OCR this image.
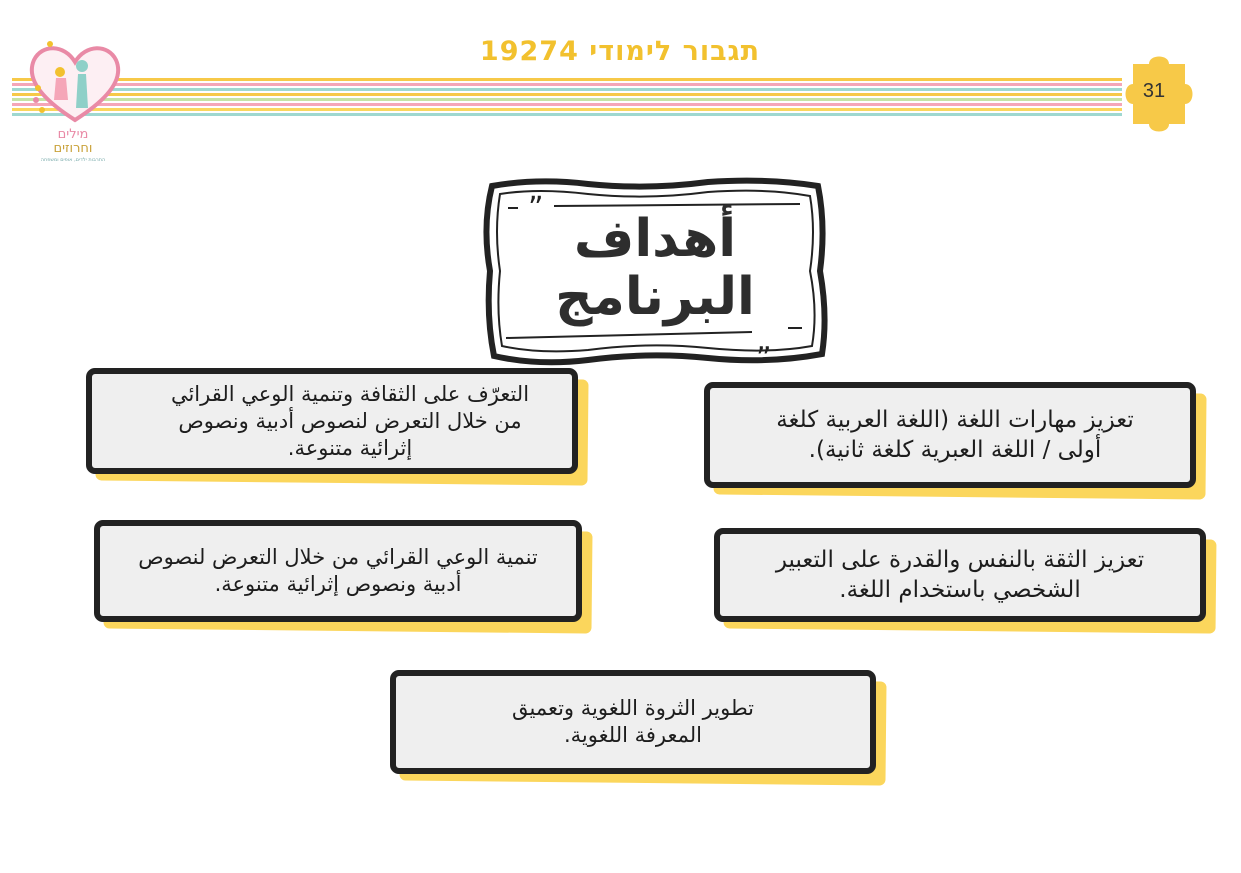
תגבור לימודי 19274
מילים
וחרוזים
התרבות ילדים, אופים ומשפחה
31
”
„
أهداف
البرنامج
تعزيز مهارات اللغة (اللغة العربية كلغة أولى / اللغة العبرية كلغة ثانية).
التعرّف على الثقافة وتنمية الوعي القرائي من خلال التعرض لنصوص أدبية ونصوص إثرائية متنوعة.
تعزيز الثقة بالنفس والقدرة على التعبير الشخصي باستخدام اللغة.
تنمية الوعي القرائي من خلال التعرض لنصوص أدبية ونصوص إثرائية متنوعة.
تطوير الثروة اللغوية وتعميق المعرفة اللغوية.
